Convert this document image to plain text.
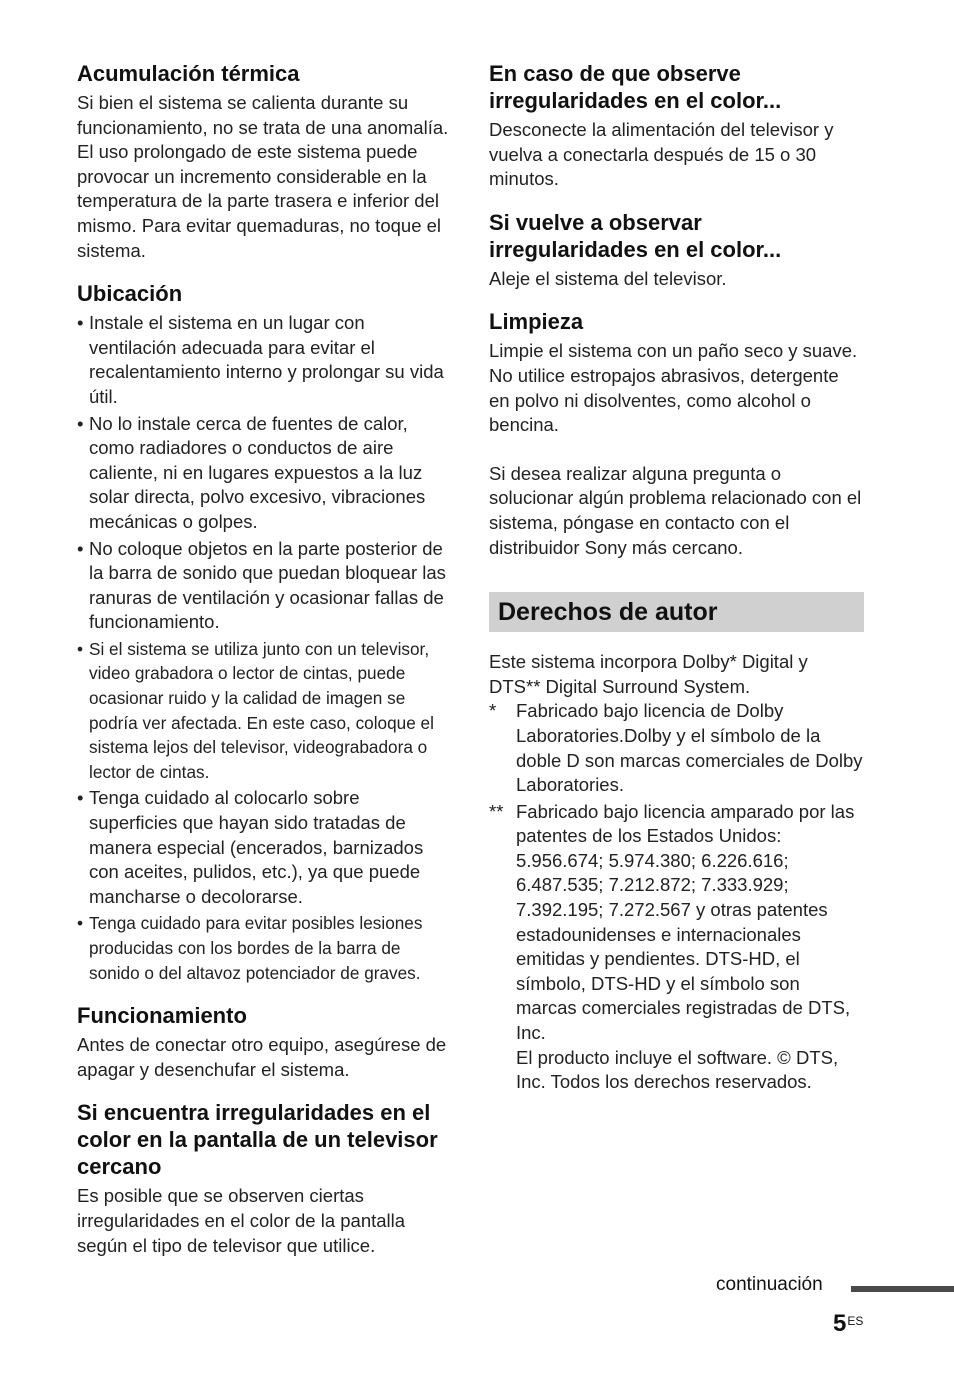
Acumulación térmica

Si bien el sistema se calienta durante su funcionamiento, no se trata de una anomalía. El uso prolongado de este sistema puede provocar un incremento considerable en la temperatura de la parte trasera e inferior del mismo. Para evitar quemaduras, no toque el sistema.

Ubicación
• Instale el sistema en un lugar con ventilación adecuada para evitar el recalentamiento interno y prolongar su vida útil.
• No lo instale cerca de fuentes de calor, como radiadores o conductos de aire caliente, ni en lugares expuestos a la luz solar directa, polvo excesivo, vibraciones mecánicas o golpes.
• No coloque objetos en la parte posterior de la barra de sonido que puedan bloquear las ranuras de ventilación y ocasionar fallas de funcionamiento.
• Si el sistema se utiliza junto con un televisor, video grabadora o lector de cintas, puede ocasionar ruido y la calidad de imagen se podría ver afectada. En este caso, coloque el sistema lejos del televisor, videograbadora o lector de cintas.
• Tenga cuidado al colocarlo sobre superficies que hayan sido tratadas de manera especial (encerados, barnizados con aceites, pulidos, etc.), ya que puede mancharse o decolorarse.
• Tenga cuidado para evitar posibles lesiones producidas con los bordes de la barra de sonido o del altavoz potenciador de graves.
Funcionamiento

Antes de conectar otro equipo, asegúrese de apagar y desenchufar el sistema.

Si encuentra irregularidades en el color en la pantalla de un televisor cercano

Es posible que se observen ciertas irregularidades en el color de la pantalla según el tipo de televisor que utilice.

En caso de que observe irregularidades en el color...

Desconecte la alimentación del televisor y vuelva a conectarla después de 15 o 30 minutos.

Si vuelve a observar irregularidades en el color...

Aleje el sistema del televisor.

Limpieza

Limpie el sistema con un paño seco y suave. No utilice estropajos abrasivos, detergente en polvo ni disolventes, como alcohol o bencina.

Si desea realizar alguna pregunta o solucionar algún problema relacionado con el sistema, póngase en contacto con el distribuidor Sony más cercano.

Derechos de autor

Este sistema incorpora Dolby* Digital y DTS** Digital Surround System.

* Fabricado bajo licencia de Dolby Laboratories.Dolby y el símbolo de la doble D son marcas comerciales de Dolby Laboratories.
** Fabricado bajo licencia amparado por las patentes de los Estados Unidos: 5.956.674; 5.974.380; 6.226.616; 6.487.535; 7.212.872; 7.333.929; 7.392.195; 7.272.567 y otras patentes estadounidenses e internacionales emitidas y pendientes. DTS-HD, el símbolo, DTS-HD y el símbolo son marcas comerciales registradas de DTS, Inc.
El producto incluye el software. © DTS, Inc. Todos los derechos reservados.
continuación
$5^{ES}$
